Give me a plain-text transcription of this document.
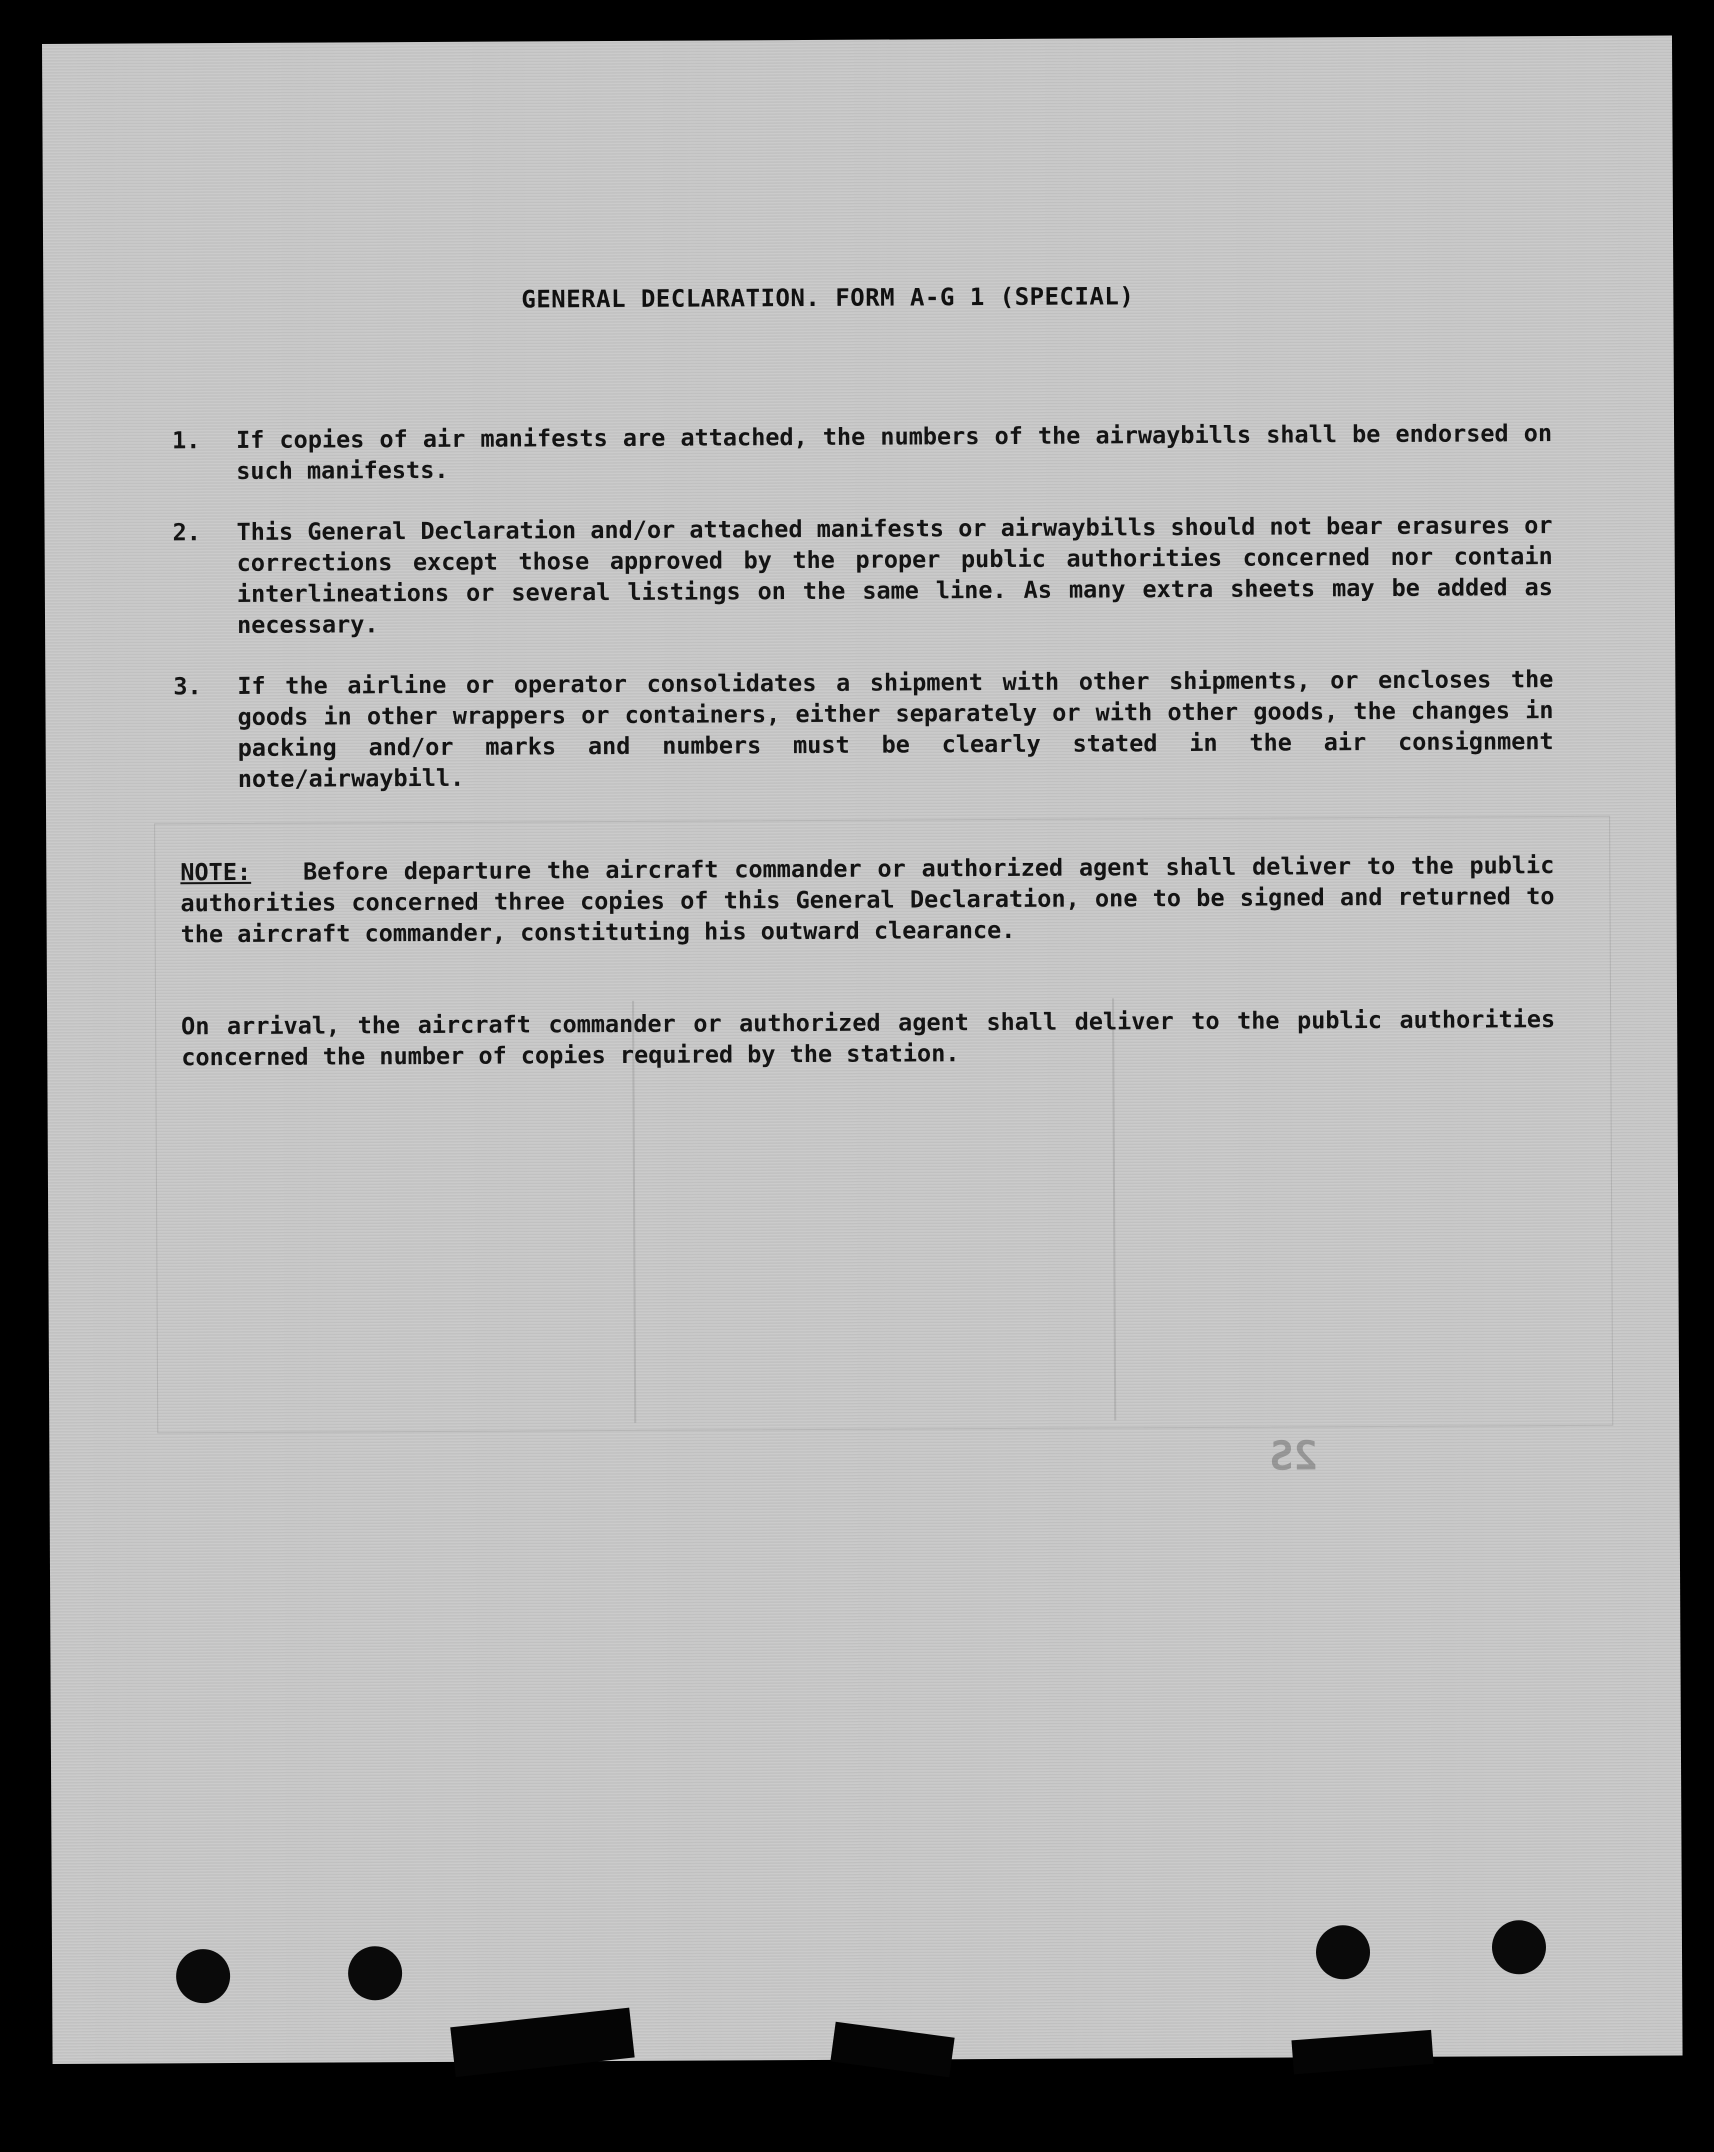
2S
GENERAL DECLARATION. FORM A-G 1 (SPECIAL)
1. If copies of air manifests are attached, the numbers of the airwaybills shall be endorsed on such manifests.
2. This General Declaration and/or attached manifests or airwaybills should not bear erasures or corrections except those approved by the proper public authorities concerned nor contain interlineations or several listings on the same line. As many extra sheets may be added as necessary.
3. If the airline or operator consolidates a shipment with other shipments, or encloses the goods in other wrappers or containers, either separately or with other goods, the changes in packing and/or marks and numbers must be clearly stated in the air consignment note/airwaybill.
NOTE: Before departure the aircraft commander or authorized agent shall deliver to the public authorities concerned three copies of this General Declaration, one to be signed and returned to the aircraft commander, constituting his outward clearance.
On arrival, the aircraft commander or authorized agent shall deliver to the public authorities concerned the number of copies required by the station.
